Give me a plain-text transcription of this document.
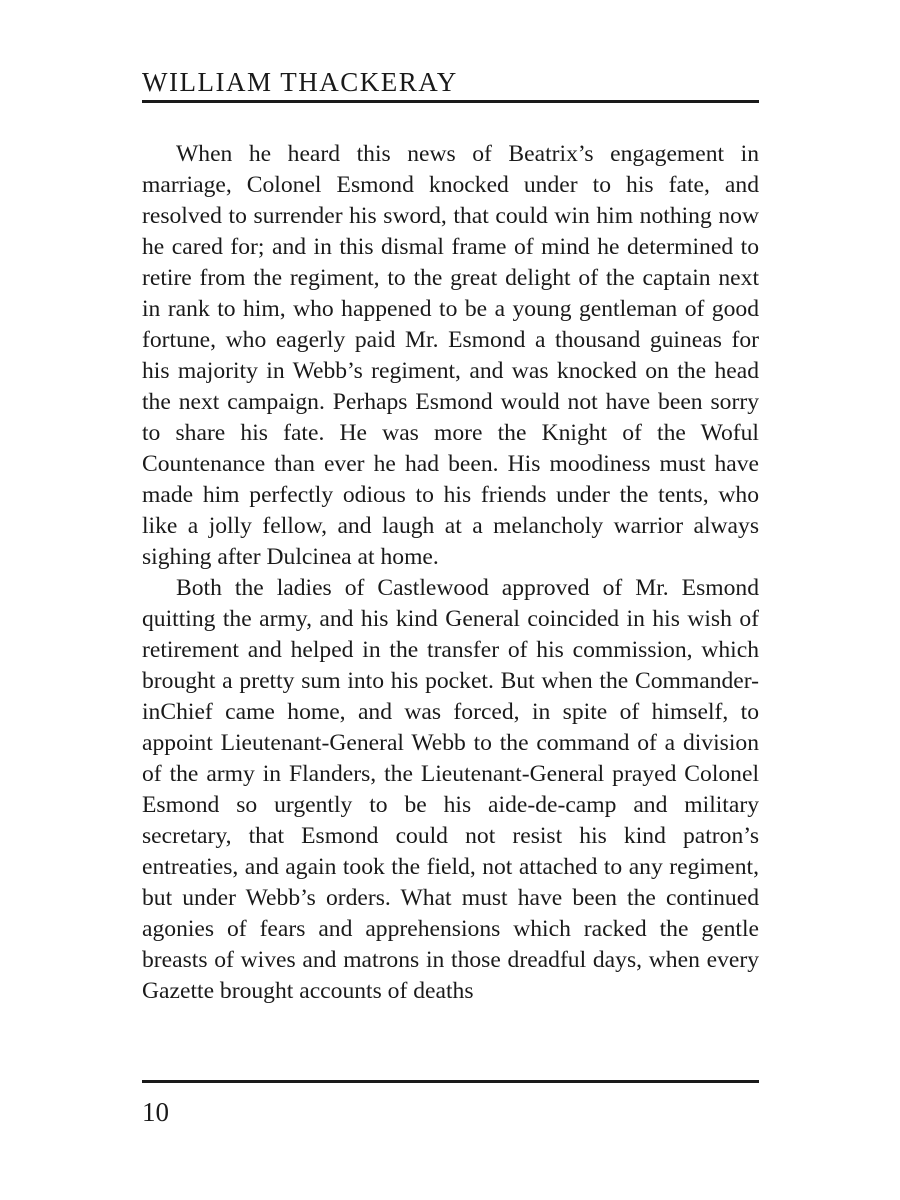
WILLIAM THACKERAY

When he heard this news of Beatrix’s engagement in marriage, Colonel Esmond knocked under to his fate, and resolved to surrender his sword, that could win him nothing now he cared for; and in this dismal frame of mind he determined to retire from the regiment, to the great delight of the captain next in rank to him, who happened to be a young gentleman of good fortune, who eagerly paid Mr. Esmond a thousand guineas for his majority in Webb’s regiment, and was knocked on the head the next campaign. Perhaps Esmond would not have been sorry to share his fate. He was more the Knight of the Woful Countenance than ever he had been. His moodiness must have made him perfectly odious to his friends under the tents, who like a jolly fellow, and laugh at a melancholy warrior always sighing after Dulcinea at home.

Both the ladies of Castlewood approved of Mr. Esmond quitting the army, and his kind General coincided in his wish of retirement and helped in the transfer of his commission, which brought a pretty sum into his pocket. But when the Commander-inChief came home, and was forced, in spite of himself, to appoint Lieutenant-General Webb to the command of a division of the army in Flanders, the Lieutenant-General prayed Colonel Esmond so urgently to be his aide-de-camp and military secretary, that Esmond could not resist his kind patron’s entreaties, and again took the field, not attached to any regiment, but under Webb’s orders. What must have been the continued agonies of fears and apprehensions which racked the gentle breasts of wives and matrons in those dreadful days, when every Gazette brought accounts of deaths

10
